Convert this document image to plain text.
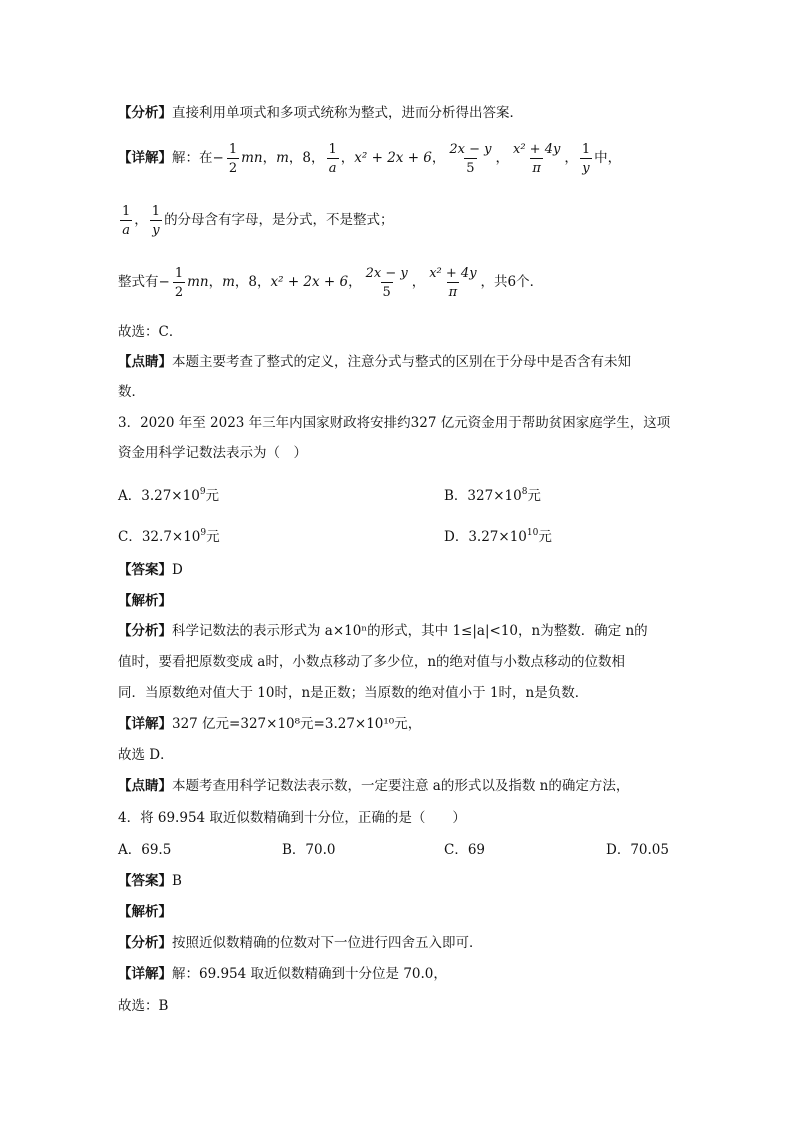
【分析】直接利用单项式和多项式统称为整式，进而分析得出答案．
【详解】解：在− $\frac{1}{2}$ mn，m，8， $\frac{1}{a}$ ，x² + 2x + 6， $\frac{2x - y}{5}$ ， $\frac{\text{x² + 4y}}{\pi}$ ， $\frac{1}{y}$ 中，
$\frac{1}{a}$ ， $\frac{1}{y}$ 的分母含有字母，是分式，不是整式；
整式有− $\frac{1}{2}$ mn，m，8，x² + 2x + 6， $\frac{2x - y}{5}$ ， $\frac{\text{x² + 4y}}{\pi}$ ，共6个．
故选：C．
【点睛】本题主要考查了整式的定义，注意分式与整式的区别在于分母中是否含有未知
数．
3．2020 年至 2023 年三年内国家财政将安排约327 亿元资金用于帮助贫困家庭学生，这项
资金用科学记数法表示为（　）
A．$3.27\times 10^9$元	B．$327\times 10^8$元
C．$32.7\times 10^9$元	D．$3.27\times 10^{10}$元
【答案】D
【解析】
【分析】科学记数法的表示形式为 a×10ⁿ的形式，其中 1≤|a|<10，n为整数．确定 n的
值时，要看把原数变成 a时，小数点移动了多少位，n的绝对值与小数点移动的位数相
同．当原数绝对值大于 10时，n是正数；当原数的绝对值小于 1时，n是负数．
【详解】327 亿元=327×10⁸元=3.27×10¹⁰元，
故选 D．
【点睛】本题考查用科学记数法表示数，一定要注意 a的形式以及指数 n的确定方法，
4．将 69.954 取近似数精确到十分位，正确的是（　　）
A．69.5	B．70.0	C．69	D．70.05
【答案】B
【解析】
【分析】按照近似数精确的位数对下一位进行四舍五入即可．
【详解】解：69.954 取近似数精确到十分位是 70.0，
故选：B
